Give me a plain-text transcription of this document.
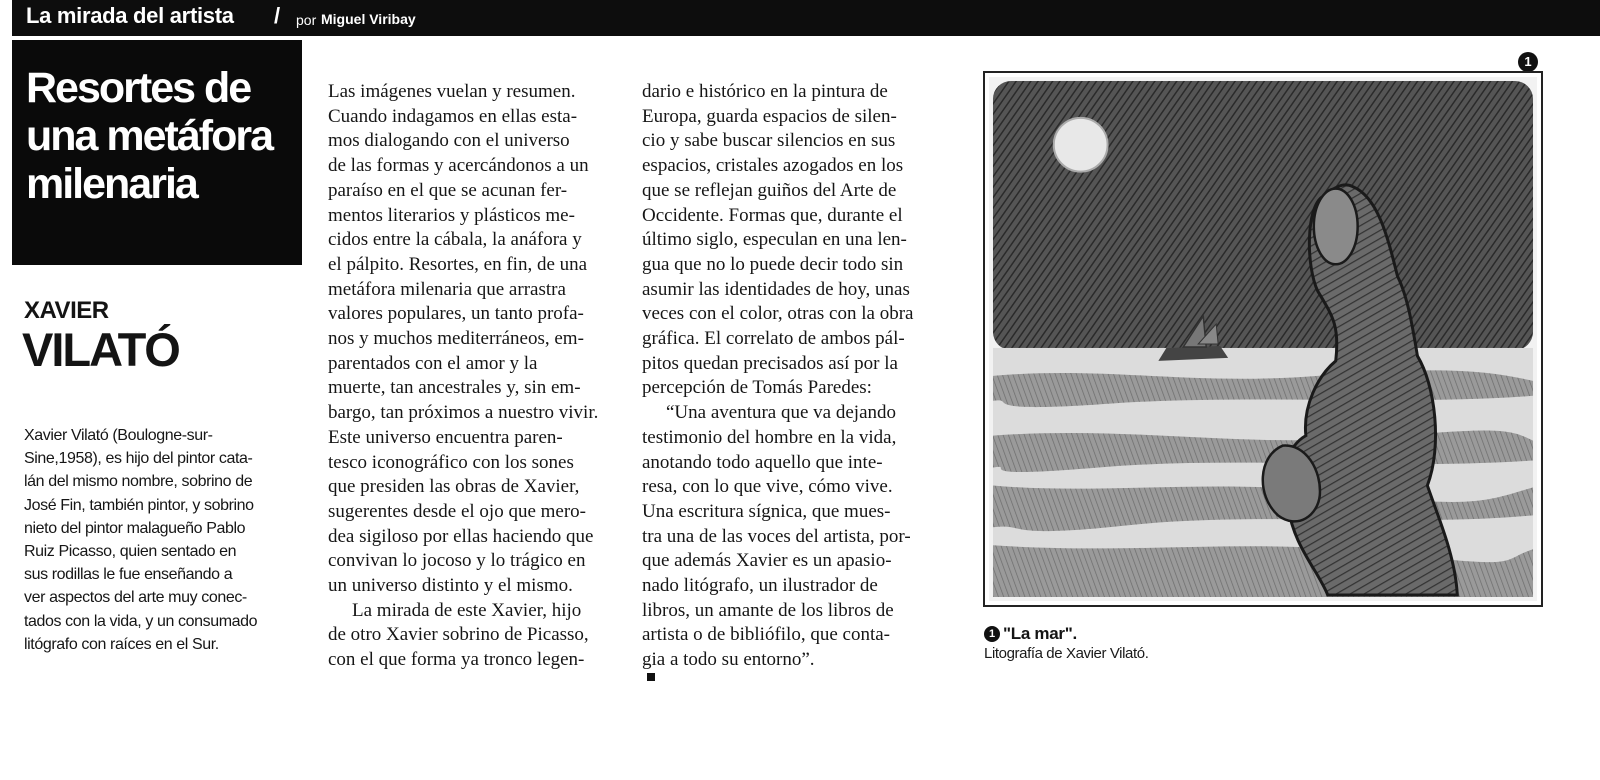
La mirada del artista / por Miguel Viribay
Resortes de
una metáfora
milenaria
XAVIER
VILATÓ
Xavier Vilató (Boulogne-sur-
Sine,1958), es hijo del pintor cata-
lán del mismo nombre, sobrino de
José Fin, también pintor, y sobrino
nieto del pintor malagueño Pablo
Ruiz Picasso, quien sentado en
sus rodillas le fue enseñando a
ver aspectos del arte muy conec-
tados con la vida, y un consumado
litógrafo con raíces en el Sur.
Las imágenes vuelan y resumen.
Cuando indagamos en ellas esta-
mos dialogando con el universo
de las formas y acercándonos a un
paraíso en el que se acunan fer-
mentos literarios y plásticos me-
cidos entre la cábala, la anáfora y
el pálpito. Resortes, en fin, de una
metáfora milenaria que arrastra
valores populares, un tanto profa-
nos y muchos mediterráneos, em-
parentados con el amor y la
muerte, tan ancestrales y, sin em-
bargo, tan próximos a nuestro vivir.
Este universo encuentra paren-
tesco iconográfico con los sones
que presiden las obras de Xavier,
sugerentes desde el ojo que mero-
dea sigiloso por ellas haciendo que
convivan lo jocoso y lo trágico en
un universo distinto y el mismo.
La mirada de este Xavier, hijo
de otro Xavier sobrino de Picasso,
con el que forma ya tronco legen-
dario e histórico en la pintura de
Europa, guarda espacios de silen-
cio y sabe buscar silencios en sus
espacios, cristales azogados en los
que se reflejan guiños del Arte de
Occidente. Formas que, durante el
último siglo, especulan en una len-
gua que no lo puede decir todo sin
asumir las identidades de hoy, unas
veces con el color, otras con la obra
gráfica. El correlato de ambos pál-
pitos quedan precisados así por la
percepción de Tomás Paredes:
“Una aventura que va dejando
testimonio del hombre en la vida,
anotando todo aquello que inte-
resa, con lo que vive, cómo vive.
Una escritura sígnica, que mues-
tra una de las voces del artista, por-
que además Xavier es un apasio-
nado litógrafo, un ilustrador de
libros, un amante de los libros de
artista o de bibliófilo, que conta-
gia a todo su entorno”.
1
1 "La mar".
Litografía de Xavier Vilató.
